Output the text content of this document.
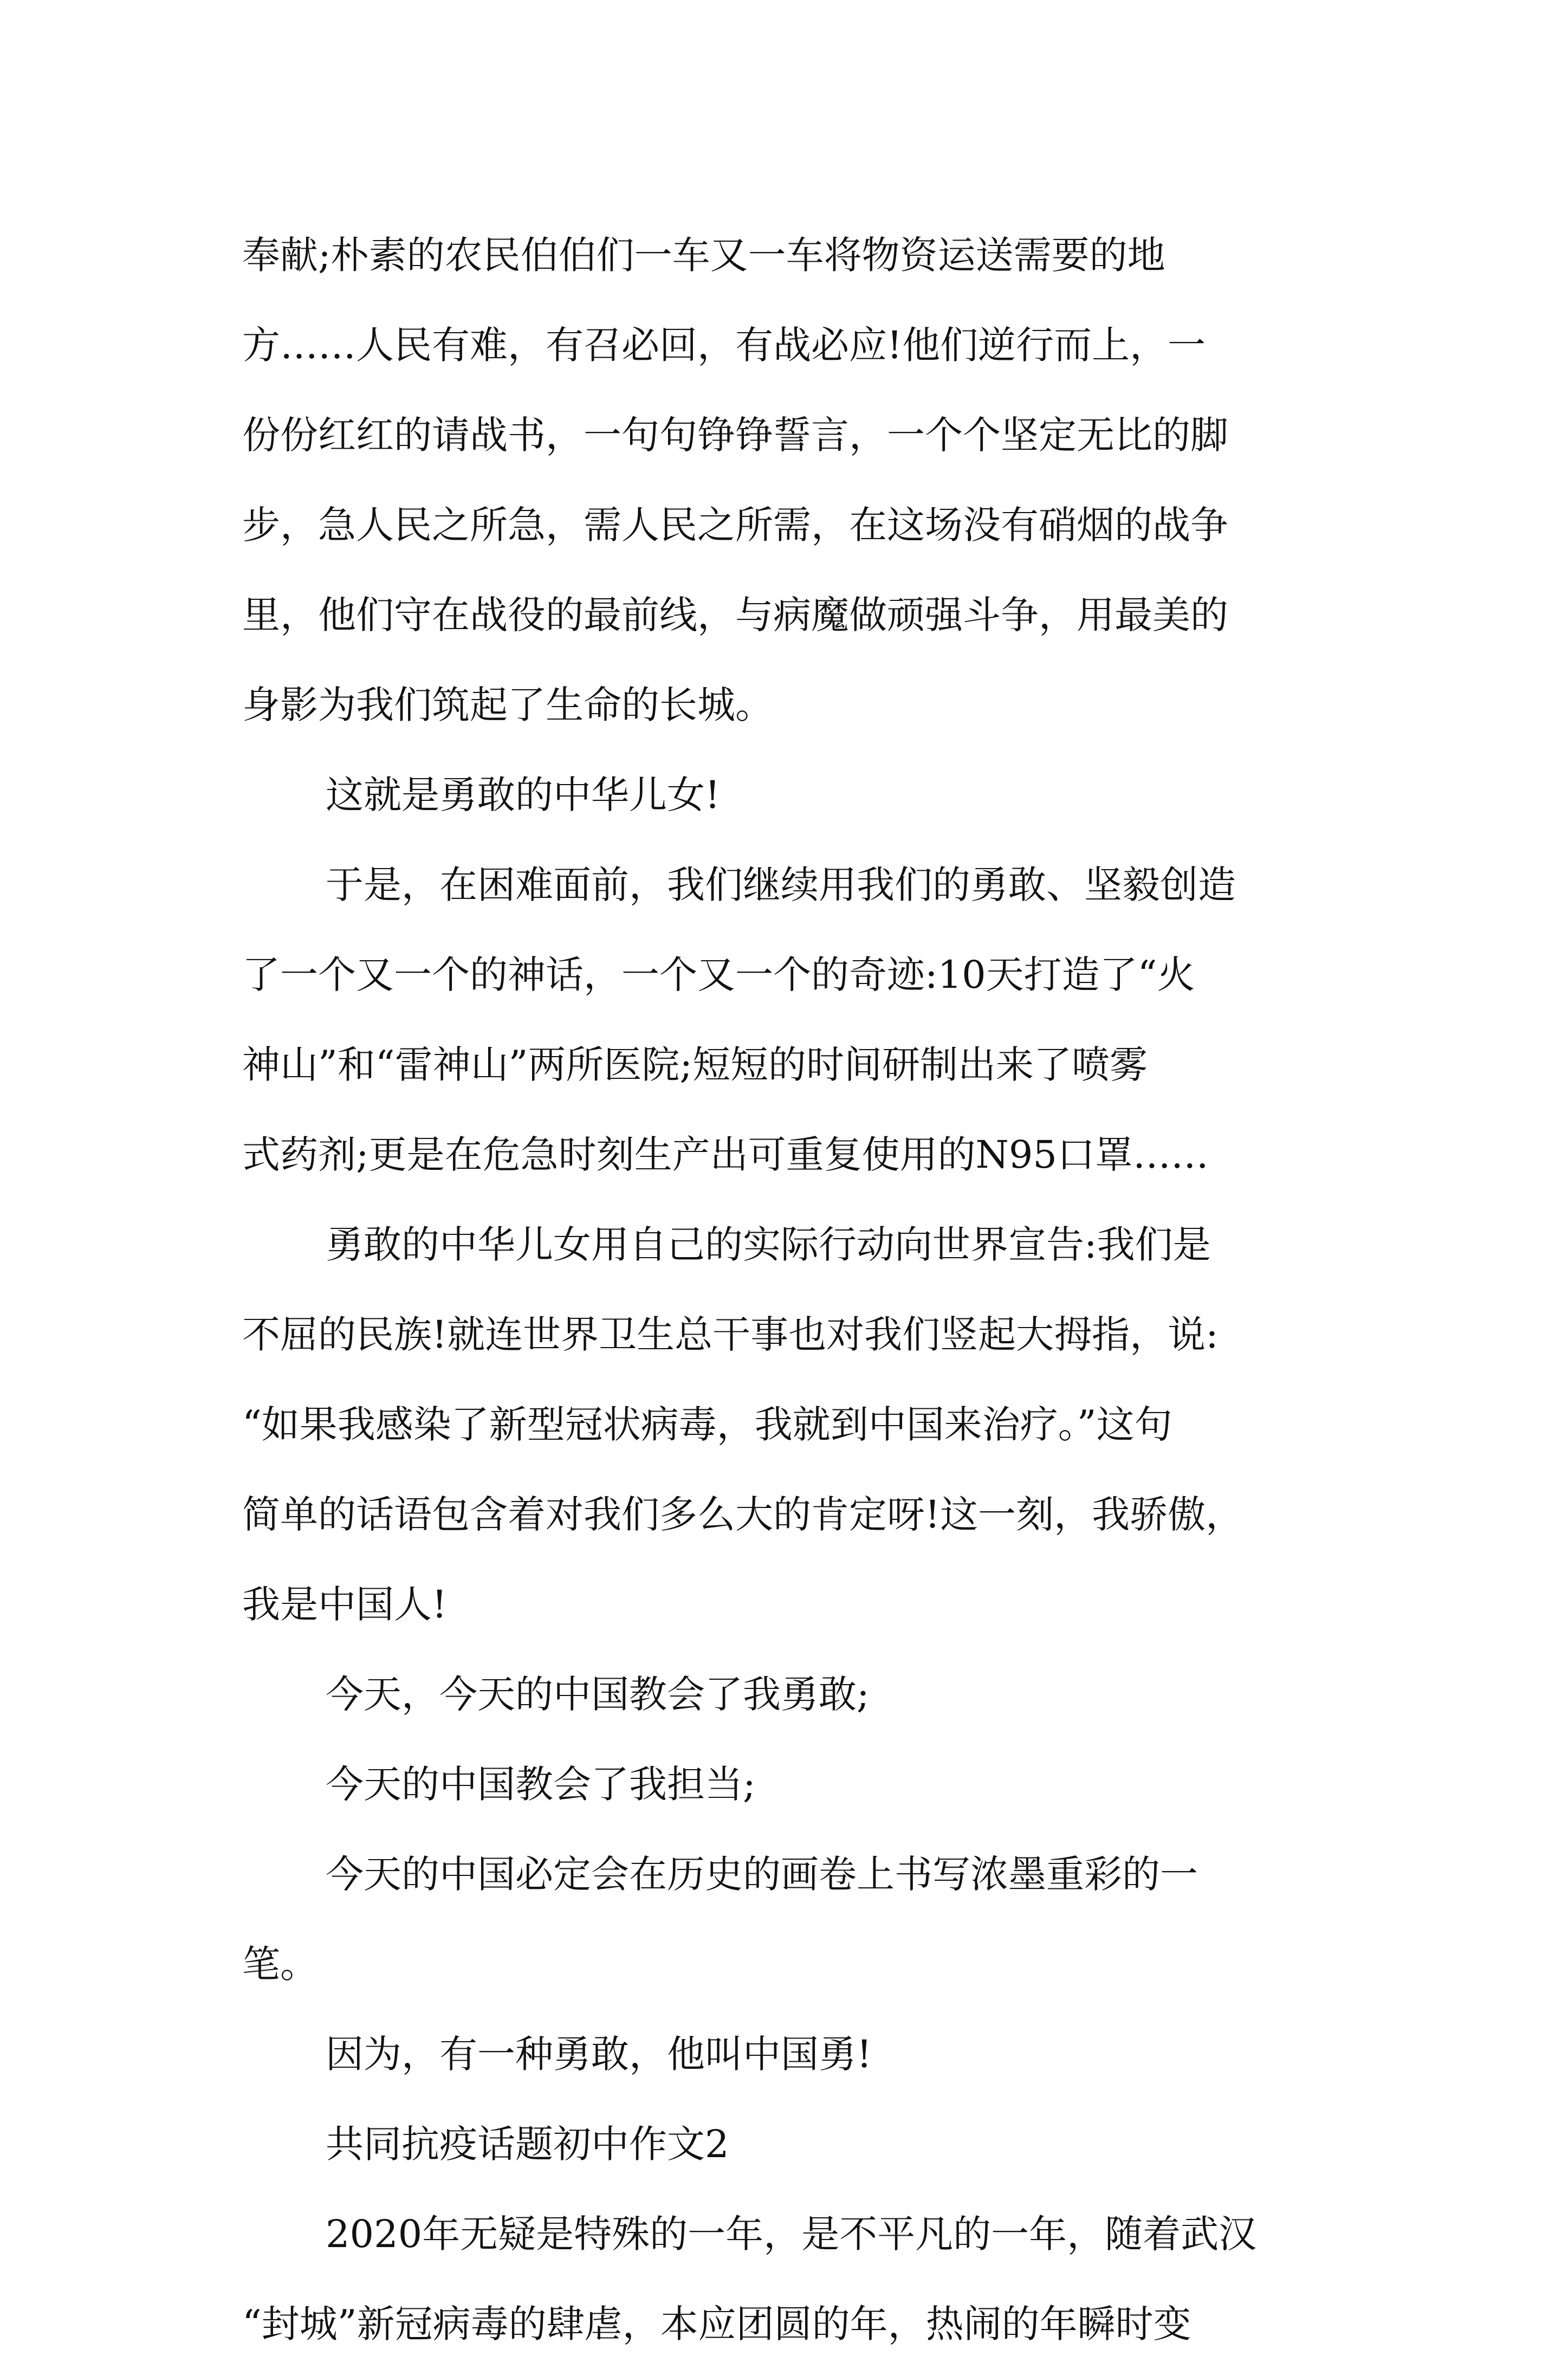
奉献;朴素的农民伯伯们一车又一车将物资运送需要的地

方……人民有难，有召必回，有战必应!他们逆行而上，一

份份红红的请战书，一句句铮铮誓言，一个个坚定无比的脚

步，急人民之所急，需人民之所需，在这场没有硝烟的战争

里，他们守在战役的最前线，与病魔做顽强斗争，用最美的

身影为我们筑起了生命的长城。

这就是勇敢的中华儿女!

于是，在困难面前，我们继续用我们的勇敢、坚毅创造

了一个又一个的神话，一个又一个的奇迹:10天打造了“火

神山”和“雷神山”两所医院;短短的时间研制出来了喷雾

式药剂;更是在危急时刻生产出可重复使用的N95口罩……

勇敢的中华儿女用自己的实际行动向世界宣告:我们是

不屈的民族!就连世界卫生总干事也对我们竖起大拇指，说:

“如果我感染了新型冠状病毒，我就到中国来治疗。”这句

简单的话语包含着对我们多么大的肯定呀!这一刻，我骄傲，

我是中国人!

今天，今天的中国教会了我勇敢;

今天的中国教会了我担当;

今天的中国必定会在历史的画卷上书写浓墨重彩的一

笔。

因为，有一种勇敢，他叫中国勇!

共同抗疫话题初中作文2

2020年无疑是特殊的一年，是不平凡的一年，随着武汉

“封城”新冠病毒的肆虐，本应团圆的年，热闹的年瞬时变
